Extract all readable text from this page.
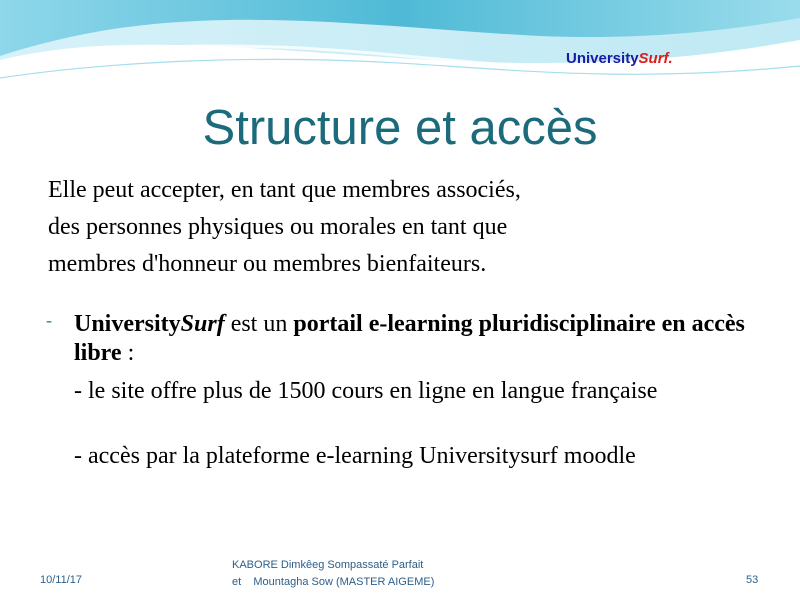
UniversitySurf.
Structure et accès
Elle peut accepter, en tant que membres associés,
des personnes physiques ou morales en tant que
membres d'honneur ou membres bienfaiteurs.
- UniversitySurf est un portail e-learning pluridisciplinaire en accès libre :
- le site offre plus de 1500 cours en ligne en langue française
- accès par la plateforme e-learning Universitysurf moodle
10/11/17
KABORE Dimkêeg Sompassaté Parfait
et    Mountagha Sow (MASTER AIGEME)	53
